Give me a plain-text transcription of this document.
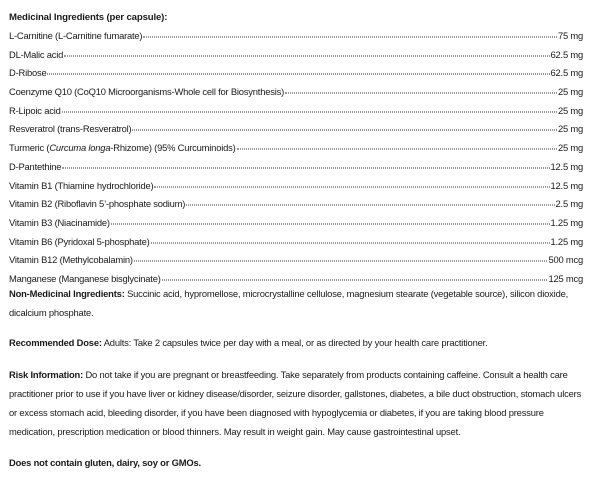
Medicinal Ingredients (per capsule):
L-Carnitine (L-Carnitine fumarate)	75 mg
DL-Malic acid	62.5 mg
D-Ribose	62.5 mg
Coenzyme Q10 (CoQ10 Microorganisms-Whole cell for Biosynthesis)	25 mg
R-Lipoic acid	25 mg
Resveratrol (trans-Resveratrol)	25 mg
Turmeric (Curcuma longa-Rhizome) (95% Curcuminoids)	25 mg
D-Pantethine	12.5 mg
Vitamin B1 (Thiamine hydrochloride)	12.5 mg
Vitamin B2 (Riboflavin 5’-phosphate sodium)	2.5 mg
Vitamin B3 (Niacinamide)	1.25 mg
Vitamin B6 (Pyridoxal 5-phosphate)	1.25 mg
Vitamin B12 (Methylcobalamin)	500 mcg
Manganese (Manganese bisglycinate)	125 mcg
Non-Medicinal Ingredients: Succinic acid, hypromellose, microcrystalline cellulose, magnesium stearate (vegetable source), silicon dioxide, dicalcium phosphate.
Recommended Dose: Adults: Take 2 capsules twice per day with a meal, or as directed by your health care practitioner.
Risk Information: Do not take if you are pregnant or breastfeeding. Take separately from products containing caffeine. Consult a health care practitioner prior to use if you have liver or kidney disease/disorder, seizure disorder, gallstones, diabetes, a bile duct obstruction, stomach ulcers or excess stomach acid, bleeding disorder, if you have been diagnosed with hypoglycemia or diabetes, if you are taking blood pressure medication, prescription medication or blood thinners. May result in weight gain. May cause gastrointestinal upset.
Does not contain gluten, dairy, soy or GMOs.
